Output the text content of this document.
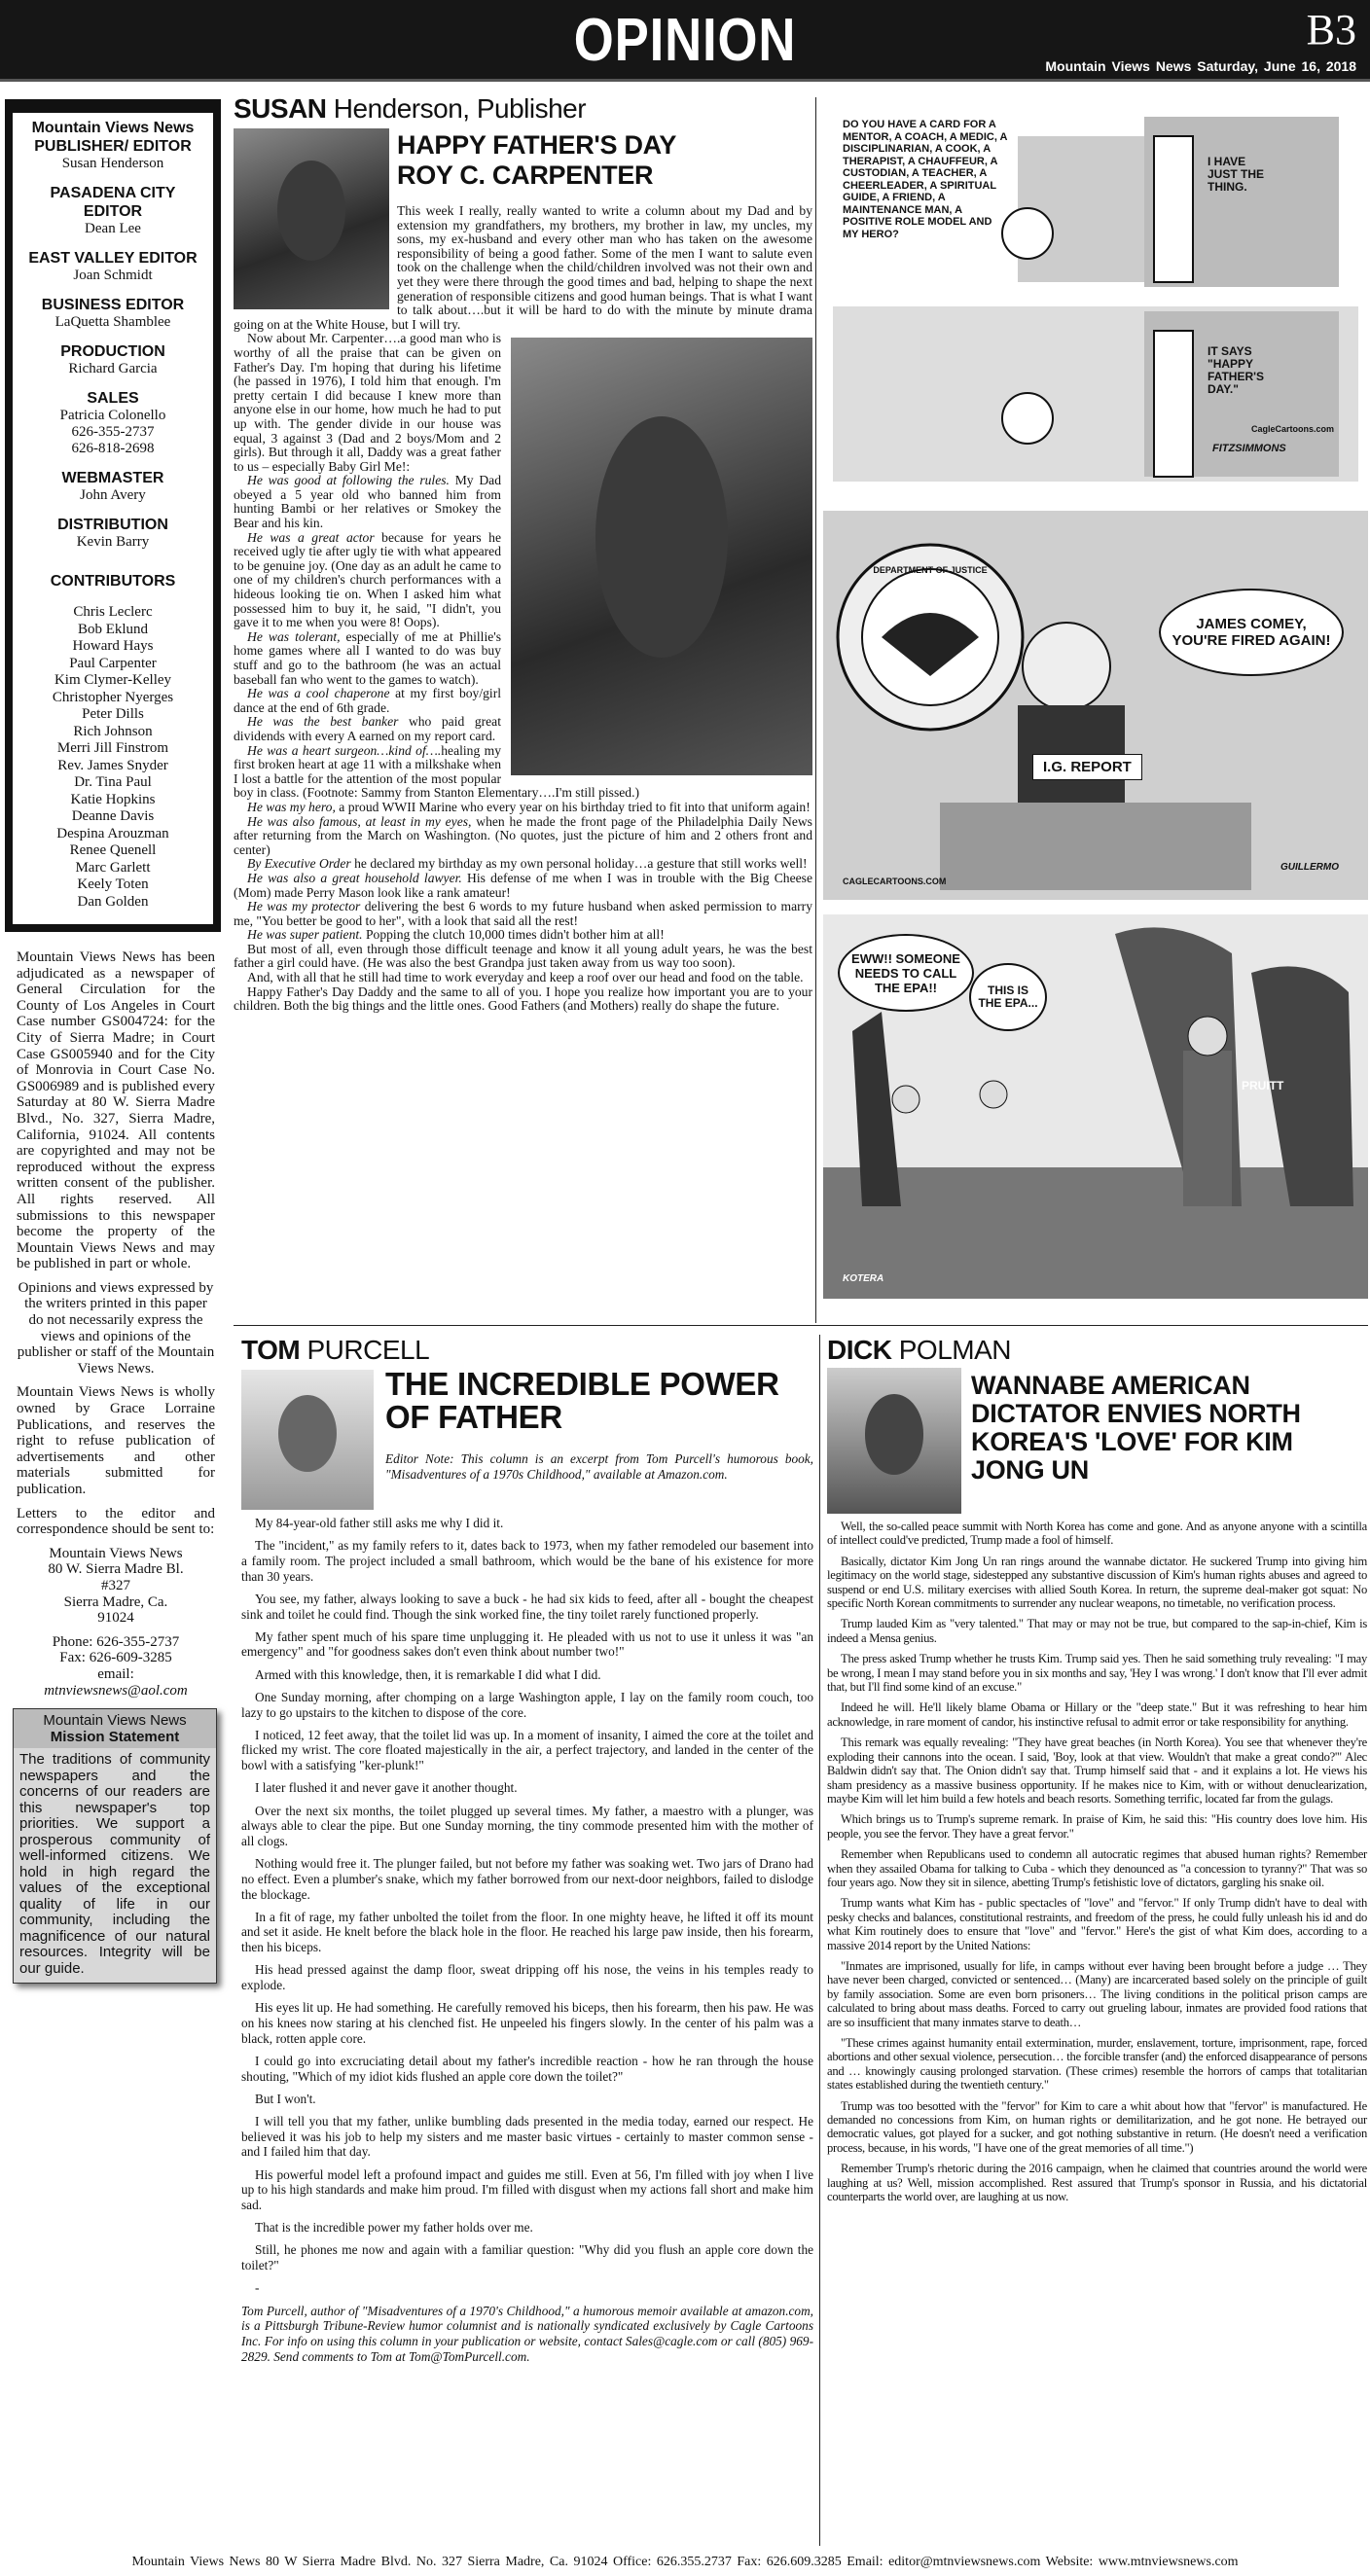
OPINION	B3
Mountain Views News Saturday, June 16, 2018
Mountain Views News
PUBLISHER/ EDITOR
Susan Henderson
PASADENA CITY EDITOR
Dean Lee
EAST VALLEY EDITOR
Joan Schmidt
BUSINESS EDITOR
LaQuetta Shamblee
PRODUCTION
Richard Garcia
SALES
Patricia Colonello
626-355-2737
626-818-2698
WEBMASTER
John Avery
DISTRIBUTION
Kevin Barry
CONTRIBUTORS
Chris Leclerc
Bob Eklund
Howard Hays
Paul Carpenter
Kim Clymer-Kelley
Christopher Nyerges
Peter Dills
Rich Johnson
Merri Jill Finstrom
Rev. James Snyder
Dr. Tina Paul
Katie Hopkins
Deanne Davis
Despina Arouzman
Renee Quenell
Marc Garlett
Keely Toten
Dan Golden

Mountain Views News has been adjudicated as a newspaper of General Circulation for the County of Los Angeles in Court Case number GS004724: for the City of Sierra Madre; in Court Case GS005940 and for the City of Monrovia in Court Case No. GS006989 and is published every Saturday at 80 W. Sierra Madre Blvd., No. 327, Sierra Madre, California, 91024. All contents are copyrighted and may not be reproduced without the express written consent of the publisher. All rights reserved. All submissions to this newspaper become the property of the Mountain Views News and may be published in part or whole.

Opinions and views expressed by the writers printed in this paper do not necessarily express the views and opinions of the publisher or staff of the Mountain Views News.

Mountain Views News is wholly owned by Grace Lorraine Publications, and reserves the right to refuse publication of advertisements and other materials submitted for publication.

Letters to the editor and correspondence should be sent to:

Mountain Views News
80 W. Sierra Madre Bl.
#327
Sierra Madre, Ca.
91024

Phone: 626-355-2737
Fax: 626-609-3285
email:

mtnviewsnews@aol.com

Mountain Views News
Mission Statement
The traditions of community newspapers and the concerns of our readers are this newspaper's top priorities. We support a prosperous community of well-informed citizens. We hold in high regard the values of the exceptional quality of life in our community, including the magnificence of our natural resources. Integrity will be our guide.
SUSAN Henderson, Publisher
HAPPY FATHER'S DAY
ROY C. CARPENTER

This week I really, really wanted to write a column about my Dad and by extension my grandfathers, my brothers, my brother in law, my uncles, my sons, my ex-husband and every other man who has taken on the awesome responsibility of being a good father. Some of the men I want to salute even took on the challenge when the child/children involved was not their own and yet they were there through the good times and bad, helping to shape the next generation of responsible citizens and good human beings. That is what I want to talk about….but it will be hard to do with the minute by minute drama going on at the White House, but I will try.

Now about Mr. Carpenter….a good man who is worthy of all the praise that can be given on Father's Day. I'm hoping that during his lifetime (he passed in 1976), I told him that enough. I'm pretty certain I did because I knew more than anyone else in our home, how much he had to put up with. The gender divide in our house was equal, 3 against 3 (Dad and 2 boys/Mom and 2 girls). But through it all, Daddy was a great father to us – especially Baby Girl Me!:

He was good at following the rules. My Dad obeyed a 5 year old who banned him from hunting Bambi or her relatives or Smokey the Bear and his kin.

He was a great actor because for years he received ugly tie after ugly tie with what appeared to be genuine joy. (One day as an adult he came to one of my children's church performances with a hideous looking tie on. When I asked him what possessed him to buy it, he said, "I didn't, you gave it to me when you were 8! Oops).

He was tolerant, especially of me at Phillie's home games where all I wanted to do was buy stuff and go to the bathroom (he was an actual baseball fan who went to the games to watch).

He was a cool chaperone at my first boy/girl dance at the end of 6th grade.

He was the best banker who paid great dividends with every A earned on my report card.

He was a heart surgeon…kind of….healing my first broken heart at age 11 with a milkshake when I lost a battle for the attention of the most popular boy in class. (Footnote: Sammy from Stanton Elementary….I'm still pissed.)

He was my hero, a proud WWII Marine who every year on his birthday tried to fit into that uniform again!

He was also famous, at least in my eyes, when he made the front page of the Philadelphia Daily News after returning from the March on Washington. (No quotes, just the picture of him and 2 others front and center)

By Executive Order he declared my birthday as my own personal holiday…a gesture that still works well!

He was also a great household lawyer. His defense of me when I was in trouble with the Big Cheese (Mom) made Perry Mason look like a rank amateur!

He was my protector delivering the best 6 words to my future husband when asked permission to marry me, "You better be good to her", with a look that said all the rest!

He was super patient. Popping the clutch 10,000 times didn't bother him at all!

But most of all, even through those difficult teenage and know it all young adult years, he was the best father a girl could have. (He was also the best Grandpa just taken away from us way too soon).

And, with all that he still had time to work everyday and keep a roof over our head and food on the table.

Happy Father's Day Daddy and the same to all of you. I hope you realize how important you are to your children. Both the big things and the little ones. Good Fathers (and Mothers) really do shape the future.

DO YOU HAVE A CARD FOR A MENTOR, A COACH, A MEDIC, A DISCIPLINARIAN, A COOK, A THERAPIST, A CHAUFFEUR, A CUSTODIAN, A TEACHER, A CHEERLEADER, A SPIRITUAL GUIDE, A FRIEND, A MAINTENANCE MAN, A POSITIVE ROLE MODEL AND MY HERO?
I HAVE JUST THE THING.
IT SAYS "HAPPY FATHER'S DAY."
FITZSIMMONS
CagleCartoons.com
JAMES COMEY, YOU'RE FIRED AGAIN!
I.G. REPORT
DEPARTMENT OF JUSTICE
CAGLECARTOONS.COM
GUILLERMO
EWW!! SOMEONE NEEDS TO CALL THE EPA!!	THIS IS THE EPA...
PRUITT
KOTERA
TOM PURCELL
THE INCREDIBLE POWER OF FATHER
Editor Note: This column is an excerpt from Tom Purcell's humorous book, "Misadventures of a 1970s Childhood," available at Amazon.com.

My 84-year-old father still asks me why I did it.

The "incident," as my family refers to it, dates back to 1973, when my father remodeled our basement into a family room. The project included a small bathroom, which would be the bane of his existence for more than 30 years.

You see, my father, always looking to save a buck - he had six kids to feed, after all - bought the cheapest sink and toilet he could find. Though the sink worked fine, the tiny toilet rarely functioned properly.

My father spent much of his spare time unplugging it. He pleaded with us not to use it unless it was "an emergency" and "for goodness sakes don't even think about number two!"

Armed with this knowledge, then, it is remarkable I did what I did.

One Sunday morning, after chomping on a large Washington apple, I lay on the family room couch, too lazy to go upstairs to the kitchen to dispose of the core.

I noticed, 12 feet away, that the toilet lid was up. In a moment of insanity, I aimed the core at the toilet and flicked my wrist. The core floated majestically in the air, a perfect trajectory, and landed in the center of the bowl with a satisfying "ker-plunk!"

I later flushed it and never gave it another thought.

Over the next six months, the toilet plugged up several times. My father, a maestro with a plunger, was always able to clear the pipe. But one Sunday morning, the tiny commode presented him with the mother of all clogs.

Nothing would free it. The plunger failed, but not before my father was soaking wet. Two jars of Drano had no effect. Even a plumber's snake, which my father borrowed from our next-door neighbors, failed to dislodge the blockage.

In a fit of rage, my father unbolted the toilet from the floor. In one mighty heave, he lifted it off its mount and set it aside. He knelt before the black hole in the floor. He reached his large paw inside, then his forearm, then his biceps.

His head pressed against the damp floor, sweat dripping off his nose, the veins in his temples ready to explode.

His eyes lit up. He had something. He carefully removed his biceps, then his forearm, then his paw. He was on his knees now staring at his clenched fist. He unpeeled his fingers slowly. In the center of his palm was a black, rotten apple core.

I could go into excruciating detail about my father's incredible reaction - how he ran through the house shouting, "Which of my idiot kids flushed an apple core down the toilet?"

But I won't.

I will tell you that my father, unlike bumbling dads presented in the media today, earned our respect. He believed it was his job to help my sisters and me master basic virtues - certainly to master common sense - and I failed him that day.

His powerful model left a profound impact and guides me still. Even at 56, I'm filled with joy when I live up to his high standards and make him proud. I'm filled with disgust when my actions fall short and make him sad.

That is the incredible power my father holds over me.

Still, he phones me now and again with a familiar question: "Why did you flush an apple core down the toilet?"

-

Tom Purcell, author of "Misadventures of a 1970's Childhood," a humorous memoir available at amazon.com, is a Pittsburgh Tribune-Review humor columnist and is nationally syndicated exclusively by Cagle Cartoons Inc. For info on using this column in your publication or website, contact Sales@cagle.com or call (805) 969-2829. Send comments to Tom at Tom@TomPurcell.com.
DICK POLMAN
WANNABE AMERICAN DICTATOR ENVIES NORTH KOREA'S 'LOVE' FOR KIM JONG UN

Well, the so-called peace summit with North Korea has come and gone. And as anyone anyone with a scintilla of intellect could've predicted, Trump made a fool of himself.

Basically, dictator Kim Jong Un ran rings around the wannabe dictator. He suckered Trump into giving him legitimacy on the world stage, sidestepped any substantive discussion of Kim's human rights abuses and agreed to suspend or end U.S. military exercises with allied South Korea. In return, the supreme deal-maker got squat: No specific North Korean commitments to surrender any nuclear weapons, no timetable, no verification process.

Trump lauded Kim as "very talented." That may or may not be true, but compared to the sap-in-chief, Kim is indeed a Mensa genius.

The press asked Trump whether he trusts Kim. Trump said yes. Then he said something truly revealing: "I may be wrong, I mean I may stand before you in six months and say, 'Hey I was wrong.' I don't know that I'll ever admit that, but I'll find some kind of an excuse."

Indeed he will. He'll likely blame Obama or Hillary or the "deep state." But it was refreshing to hear him acknowledge, in rare moment of candor, his instinctive refusal to admit error or take responsibility for anything.

This remark was equally revealing: "They have great beaches (in North Korea). You see that whenever they're exploding their cannons into the ocean. I said, 'Boy, look at that view. Wouldn't that make a great condo?'" Alec Baldwin didn't say that. The Onion didn't say that. Trump himself said that - and it explains a lot. He views his sham presidency as a massive business opportunity. If he makes nice to Kim, with or without denuclearization, maybe Kim will let him build a few hotels and beach resorts. Something terrific, located far from the gulags.

Which brings us to Trump's supreme remark. In praise of Kim, he said this: "His country does love him. His people, you see the fervor. They have a great fervor."

Remember when Republicans used to condemn all autocratic regimes that abused human rights? Remember when they assailed Obama for talking to Cuba - which they denounced as "a concession to tyranny?" That was so four years ago. Now they sit in silence, abetting Trump's fetishistic love of dictators, gargling his snake oil.

Trump wants what Kim has - public spectacles of "love" and "fervor." If only Trump didn't have to deal with pesky checks and balances, constitutional restraints, and freedom of the press, he could fully unleash his id and do what Kim routinely does to ensure that "love" and "fervor." Here's the gist of what Kim does, according to a massive 2014 report by the United Nations:

"Inmates are imprisoned, usually for life, in camps without ever having been brought before a judge … They have never been charged, convicted or sentenced… (Many) are incarcerated based solely on the principle of guilt by family association. Some are even born prisoners… The living conditions in the political prison camps are calculated to bring about mass deaths. Forced to carry out grueling labour, inmates are provided food rations that are so insufficient that many inmates starve to death…

"These crimes against humanity entail extermination, murder, enslavement, torture, imprisonment, rape, forced abortions and other sexual violence, persecution… the forcible transfer (and) the enforced disappearance of persons and … knowingly causing prolonged starvation. (These crimes) resemble the horrors of camps that totalitarian states established during the twentieth century."

Trump was too besotted with the "fervor" for Kim to care a whit about how that "fervor" is manufactured. He demanded no concessions from Kim, on human rights or demilitarization, and he got none. He betrayed our democratic values, got played for a sucker, and got nothing substantive in return. (He doesn't need a verification process, because, in his words, "I have one of the great memories of all time.")

Remember Trump's rhetoric during the 2016 campaign, when he claimed that countries around the world were laughing at us? Well, mission accomplished. Rest assured that Trump's sponsor in Russia, and his dictatorial counterparts the world over, are laughing at us now.

Mountain Views News 80 W Sierra Madre Blvd. No. 327 Sierra Madre, Ca. 91024 Office: 626.355.2737 Fax: 626.609.3285 Email: editor@mtnviewsnews.com Website: www.mtnviewsnews.com
